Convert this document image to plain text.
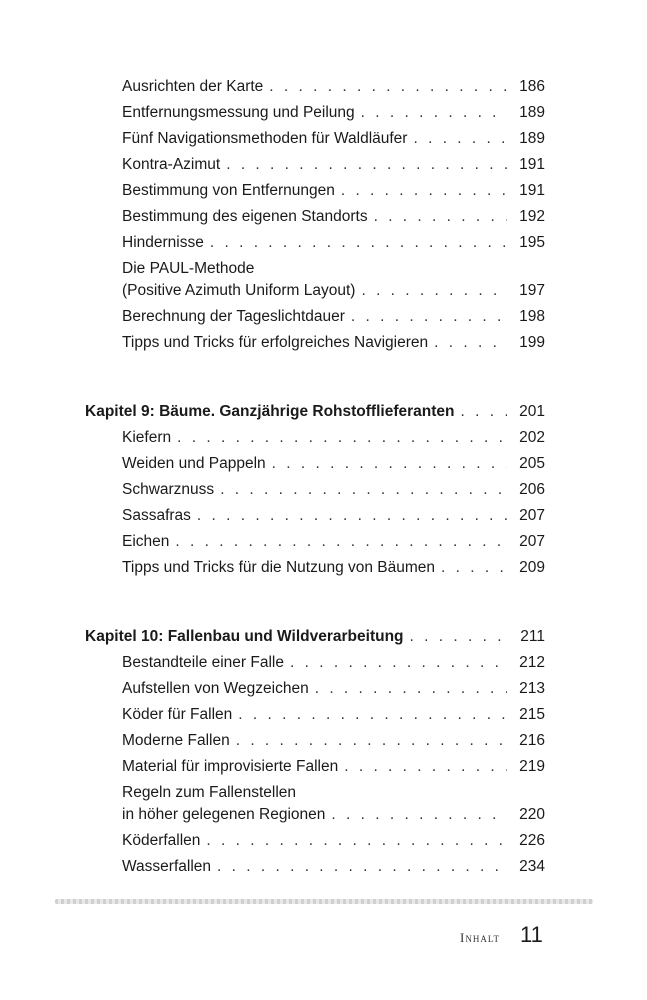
Ausrichten der Karte . . .	186
Entfernungsmessung und Peilung . . .	189
Fünf Navigationsmethoden für Waldläufer . . .	189
Kontra-Azimut . . .	191
Bestimmung von Entfernungen . . .	191
Bestimmung des eigenen Standorts . . .	192
Hindernisse . . .	195
Die PAUL-Methode
(Positive Azimuth Uniform Layout) . . .	197
Berechnung der Tageslichtdauer . . .	198
Tipps und Tricks für erfolgreiches Navigieren . . .	199
Kapitel 9: Bäume. Ganzjährige Rohstofflieferanten . . .	201
Kiefern . . .	202
Weiden und Pappeln . . .	205
Schwarznuss . . .	206
Sassafras . . .	207
Eichen . . .	207
Tipps und Tricks für die Nutzung von Bäumen . . .	209
Kapitel 10: Fallenbau und Wildverarbeitung . . .	211
Bestandteile einer Falle . . .	212
Aufstellen von Wegzeichen . . .	213
Köder für Fallen . . .	215
Moderne Fallen . . .	216
Material für improvisierte Fallen . . .	219
Regeln zum Fallenstellen
in höher gelegenen Regionen . . .	220
Köderfallen . . .	226
Wasserfallen . . .	234
Inhalt 11
